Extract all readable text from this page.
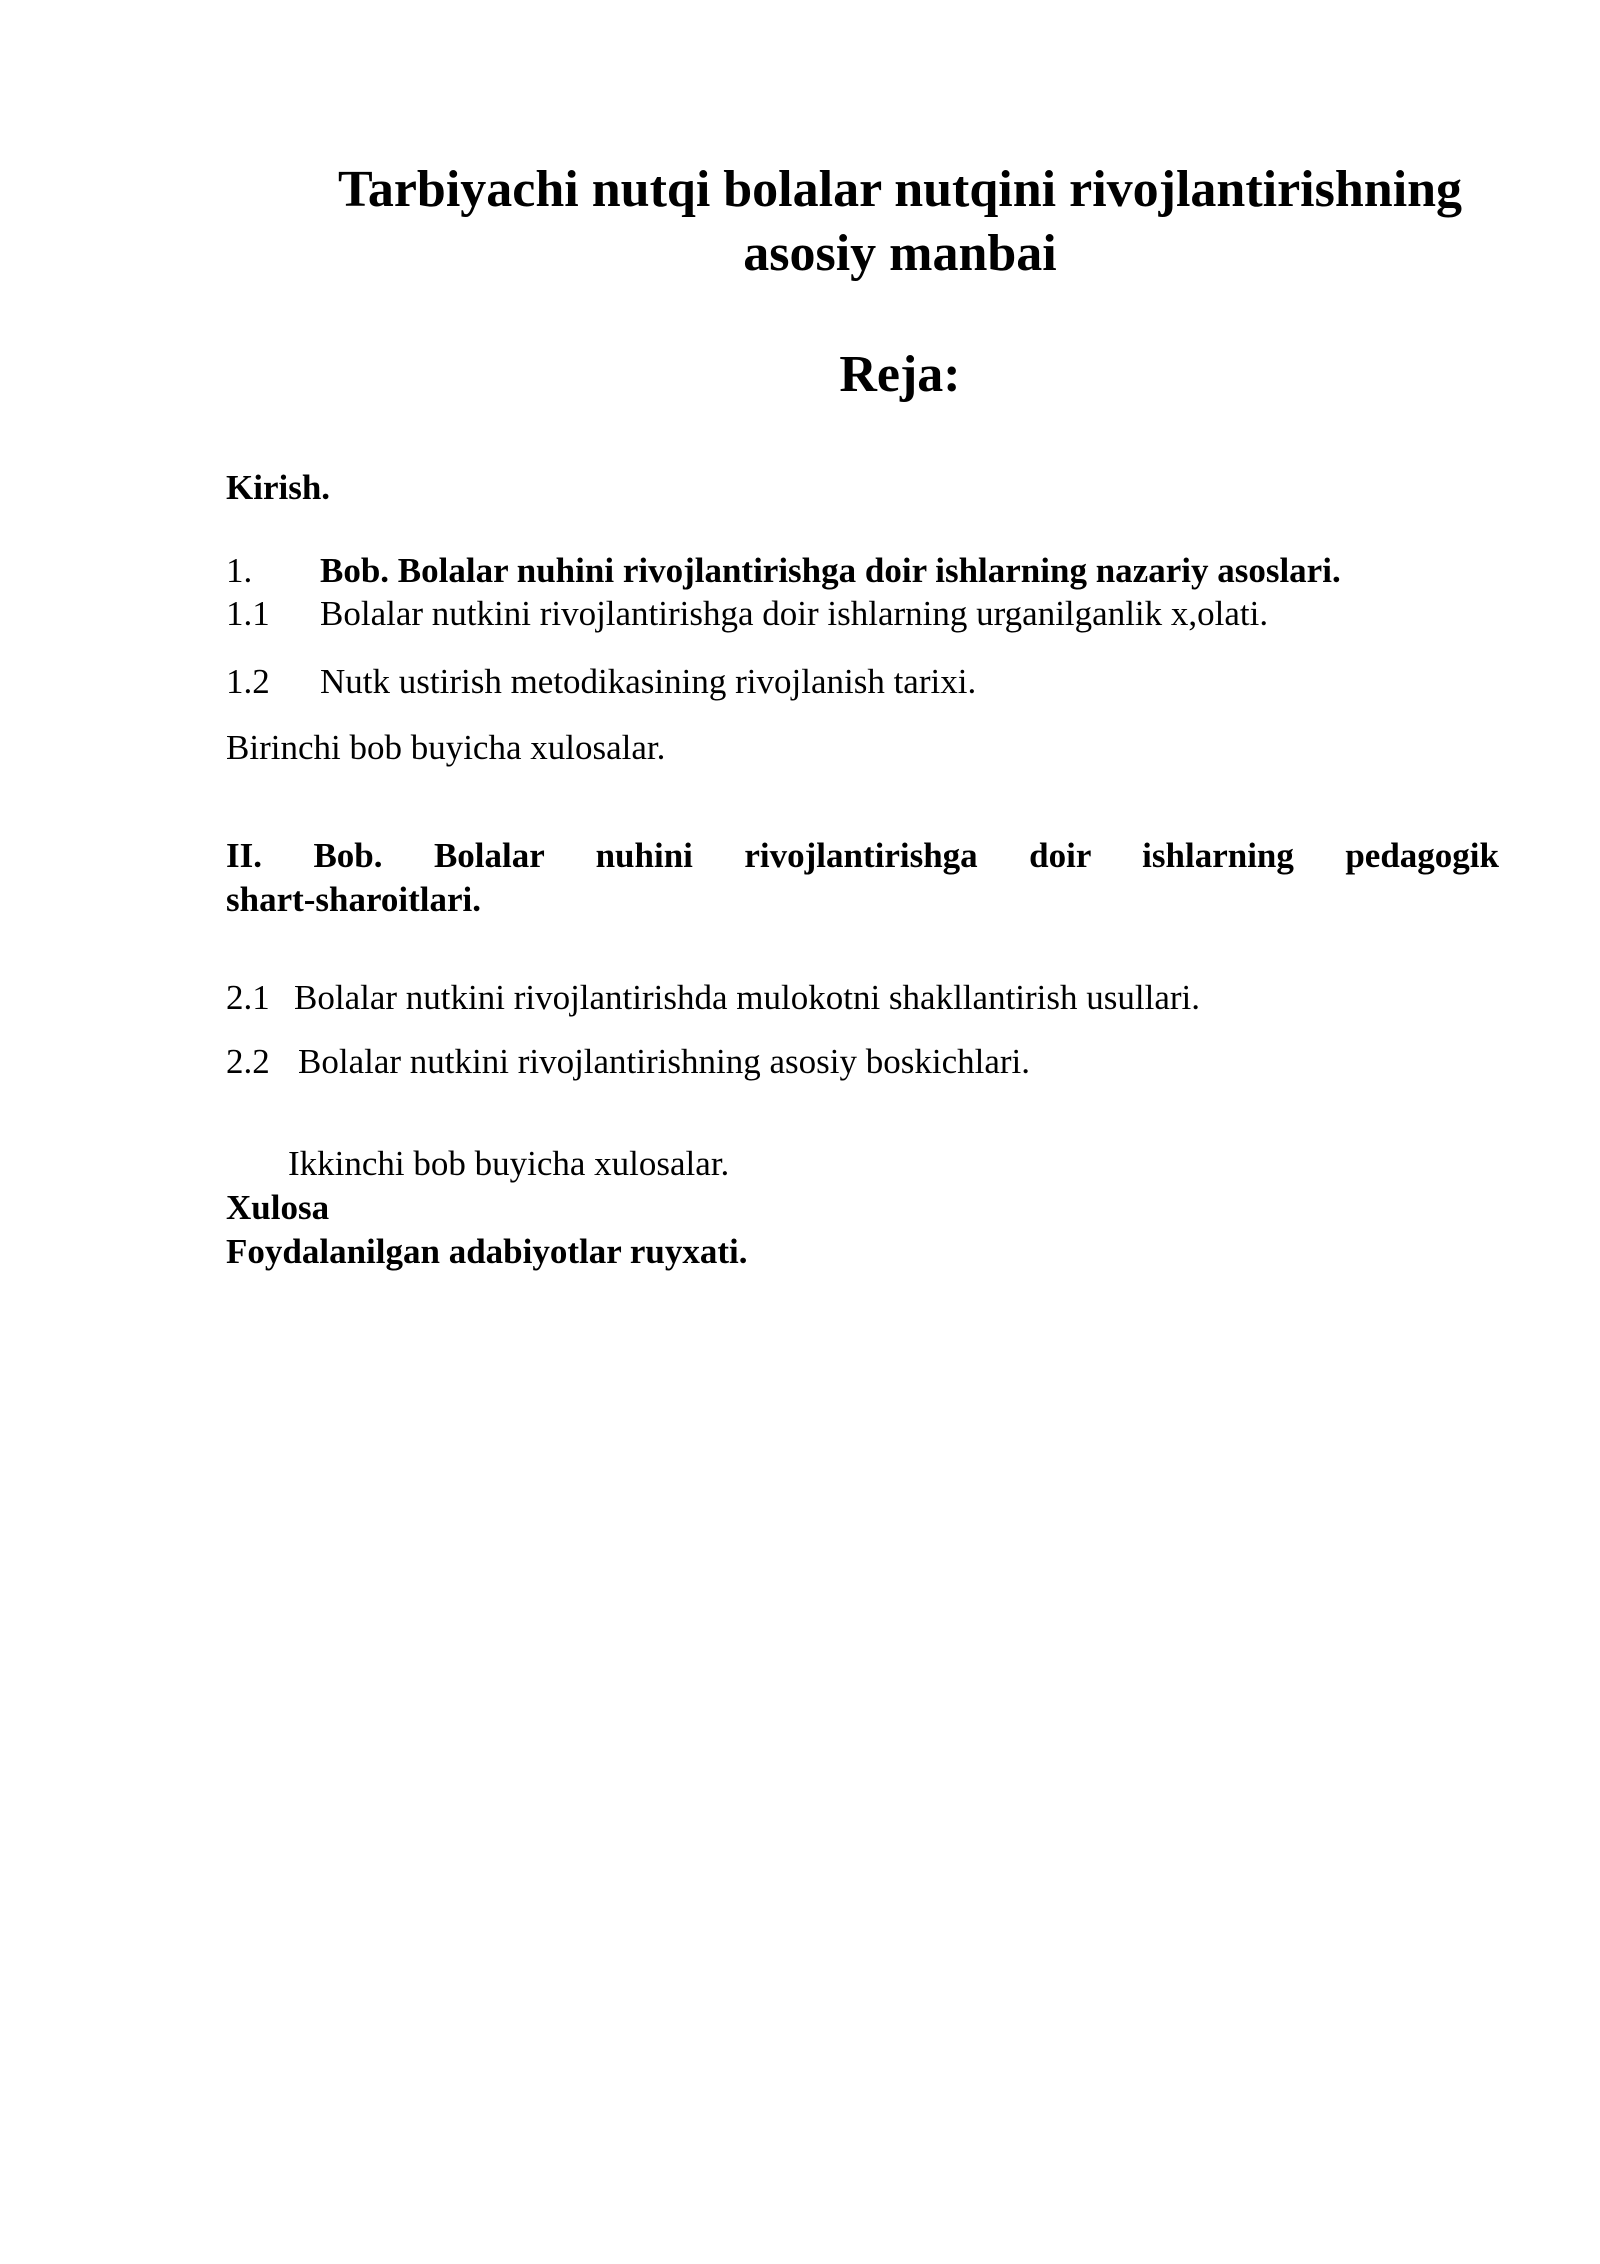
Tarbiyachi nutqi bolalar nutqini rivojlantirishning
asosiy manbai
Reja:

Kirish.

1. Bob. Bolalar nuhini rivojlantirishga doir ishlarning nazariy asoslari.
1.1 Bolalar nutkini rivojlantirishga doir ishlarning urganilganlik x,olati.
1.2 Nutk ustirish metodikasining rivojlanish tarixi.

Birinchi bob buyicha xulosalar.

II. Bob. Bolalar nuhini rivojlantirishga doir ishlarning pedagogik

shart-sharoitlari.

2.1 Bolalar nutkini rivojlantirishda mulokotni shakllantirish usullari.
2.2 Bolalar nutkini rivojlantirishning asosiy boskichlari.

Ikkinchi bob buyicha xulosalar.

Xulosa

Foydalanilgan adabiyotlar ruyxati.
